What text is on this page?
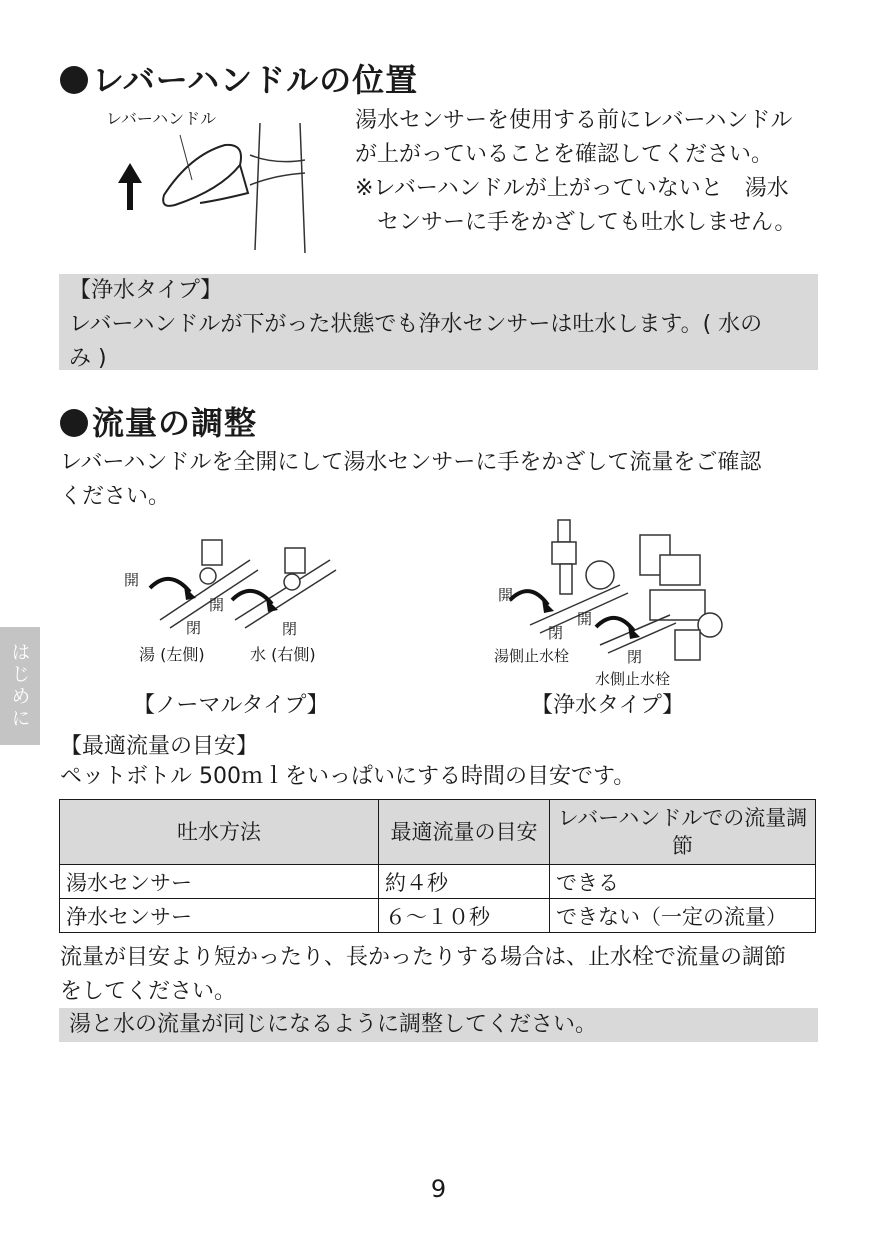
レバーハンドルの位置
レバーハンドル	湯水センサーを使用する前にレバーハンドル
が上がっていることを確認してください。
※レバーハンドルが上がっていないと　湯水
　センサーに手をかざしても吐水しません。
【浄水タイプ】
レバーハンドルが下がった状態でも浄水センサーは吐水します。( 水の
み )
流量の調整
レバーハンドルを全開にして湯水センサーに手をかざして流量をご確認
ください。
開
閉
開
閉
湯 (左側)	水 (右側)
【ノーマルタイプ】
開
閉
開
閉
湯側止水栓
水側止水栓
【浄水タイプ】
はじめに
【最適流量の目安】
ペットボトル 500ｍｌをいっぱいにする時間の目安です。
吐水方法	最適流量の目安	レバーハンドルでの流量調節
湯水センサー	約４秒	できる
浄水センサー	６～１０秒	できない（一定の流量）
流量が目安より短かったり、長かったりする場合は、止水栓で流量の調節
をしてください。
湯と水の流量が同じになるように調整してください。
9
